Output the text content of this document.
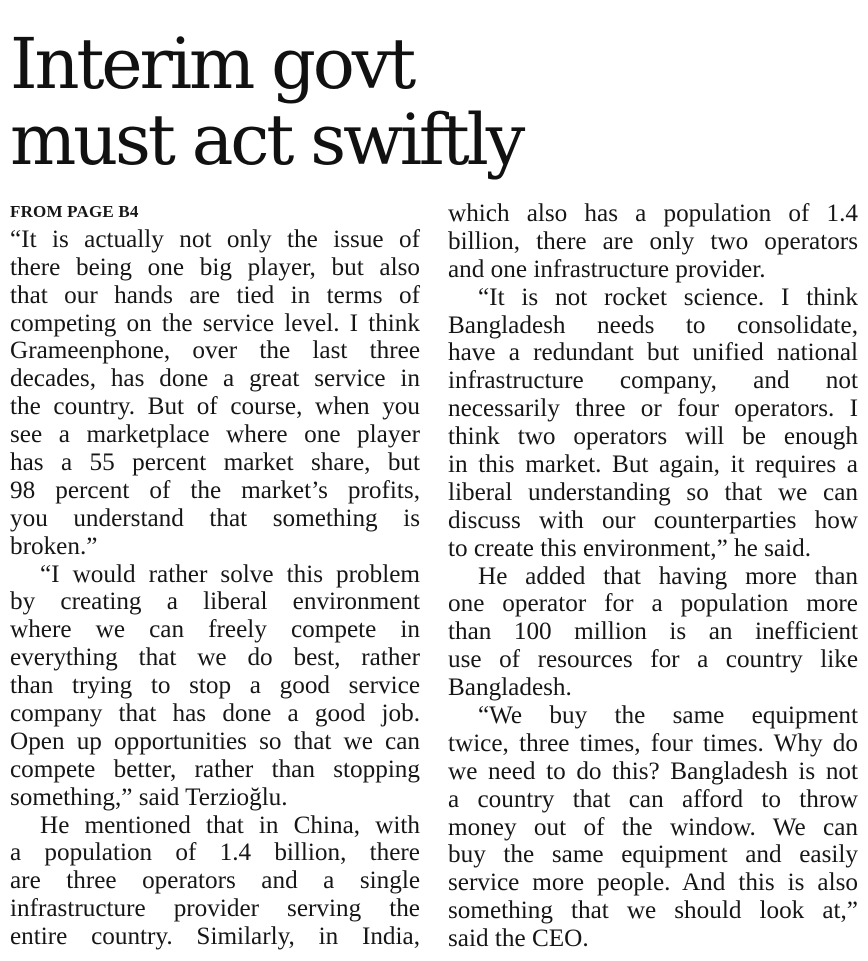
Interim govt
must act swiftly
FROM PAGE B4
“It is actually not only the issue of
there being one big player, but also
that our hands are tied in terms of
competing on the service level. I think
Grameenphone, over the last three
decades, has done a great service in
the country. But of course, when you
see a marketplace where one player
has a 55 percent market share, but
98 percent of the market’s profits,
you understand that something is
broken.”
“I would rather solve this problem
by creating a liberal environment
where we can freely compete in
everything that we do best, rather
than trying to stop a good service
company that has done a good job.
Open up opportunities so that we can
compete better, rather than stopping
something,” said Terzioğlu.
He mentioned that in China, with
a population of 1.4 billion, there
are three operators and a single
infrastructure provider serving the
entire country. Similarly, in India,
which also has a population of 1.4
billion, there are only two operators
and one infrastructure provider.
“It is not rocket science. I think
Bangladesh needs to consolidate,
have a redundant but unified national
infrastructure company, and not
necessarily three or four operators. I
think two operators will be enough
in this market. But again, it requires a
liberal understanding so that we can
discuss with our counterparties how
to create this environment,” he said.
He added that having more than
one operator for a population more
than 100 million is an inefficient
use of resources for a country like
Bangladesh.
“We buy the same equipment
twice, three times, four times. Why do
we need to do this? Bangladesh is not
a country that can afford to throw
money out of the window. We can
buy the same equipment and easily
service more people. And this is also
something that we should look at,”
said the CEO.
